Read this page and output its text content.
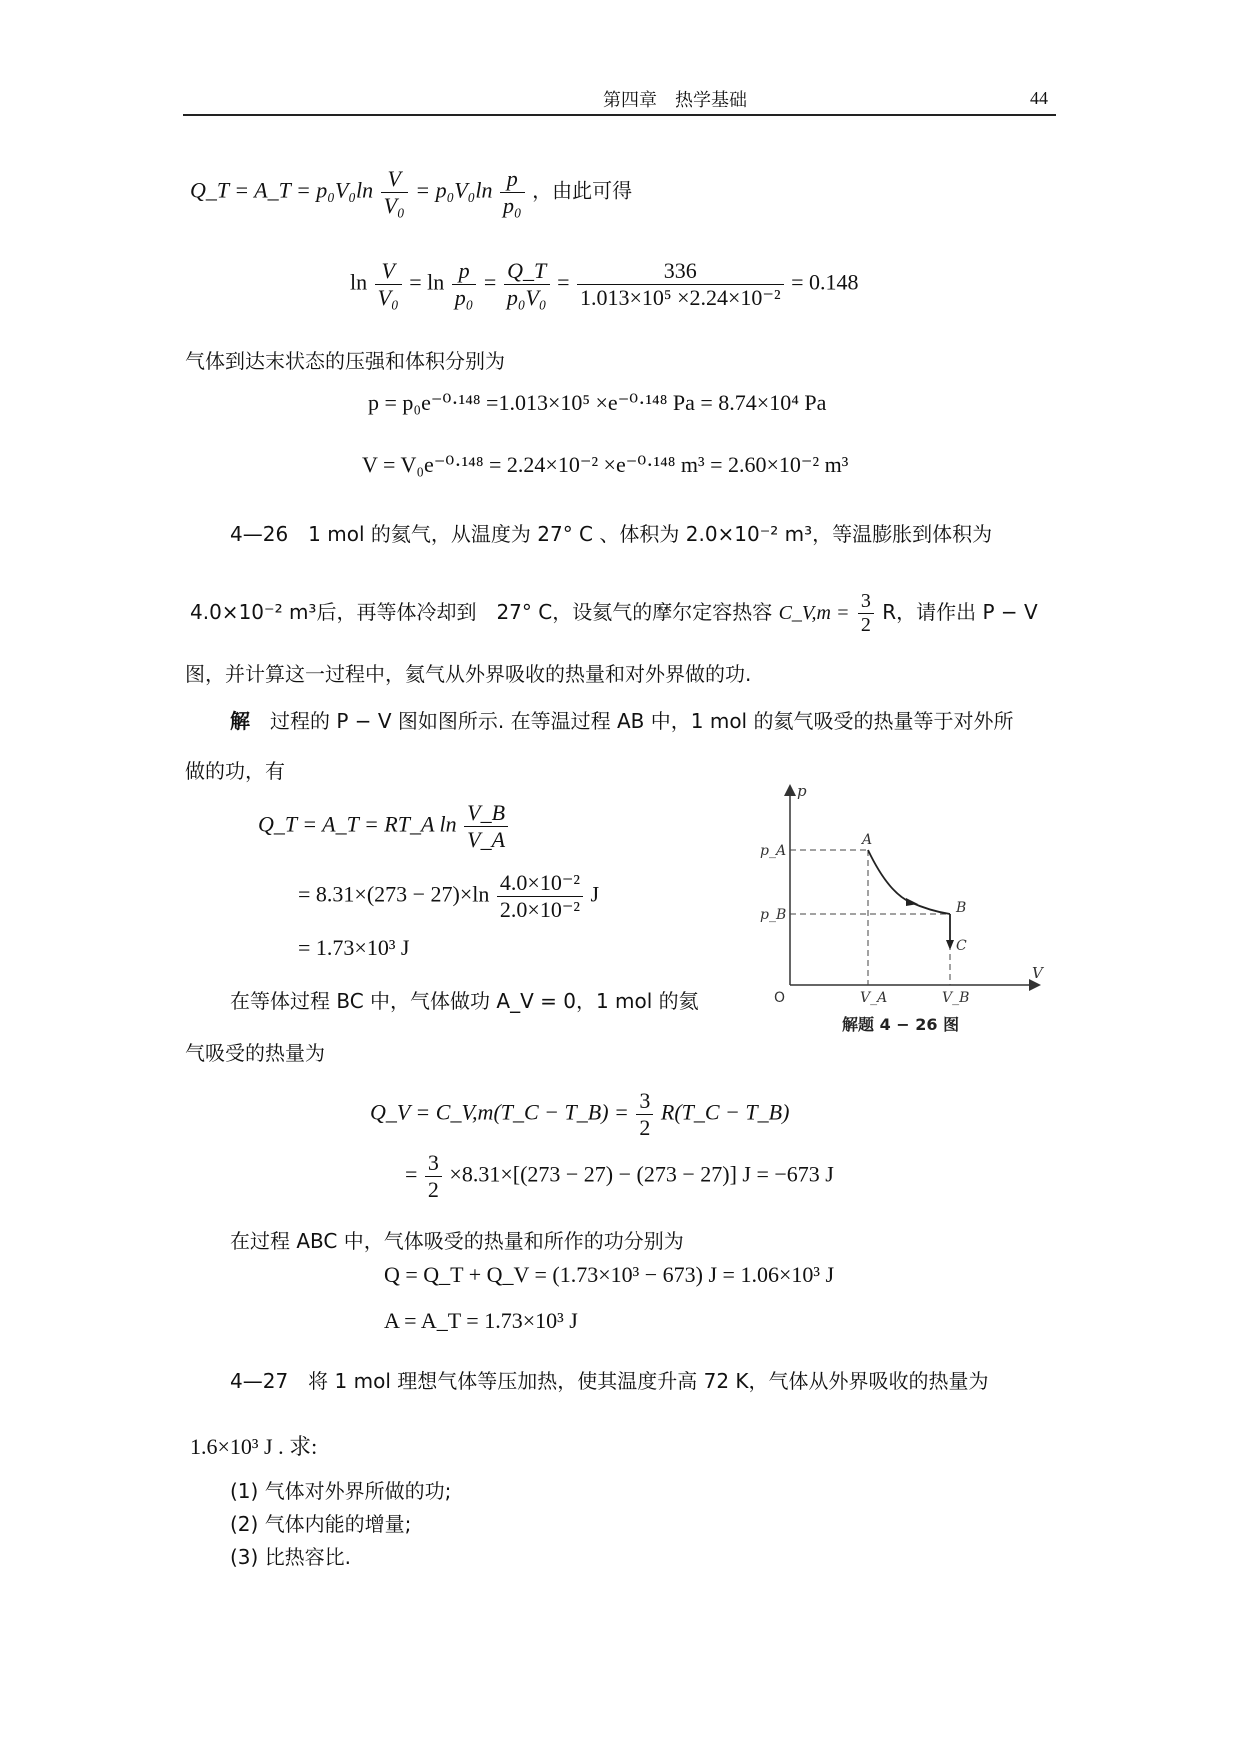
第四章　热学基础	44
Q_T = A_T = $p_0V_0\ln \frac{V}{\text{V₀}} = p_0V_0\ln \frac{p}{\text{p₀}}$ ，由此可得
$\ln \frac{V}{\text{V₀}} = \ln \frac{p}{\text{p₀}} = \frac{Q\_T}{\text{p₀V₀}} = \frac{336}{\text{1.013×10⁵ ×2.24×10⁻²}} = 0.148$
气体到达末状态的压强和体积分别为
p = p₀e⁻⁰·¹⁴⁸ =1.013×10⁵ ×e⁻⁰·¹⁴⁸ Pa = 8.74×10⁴ Pa
V = V₀e⁻⁰·¹⁴⁸ = 2.24×10⁻² ×e⁻⁰·¹⁴⁸ m³ = 2.60×10⁻² m³
4—26　1 mol 的氦气，从温度为 27° C 、体积为 2.0×10⁻² m³，等温膨胀到体积为
4.0×10⁻² m³后，再等体冷却到　27° C，设氦气的摩尔定容热容 C_V,m = $\frac{3}{2}$ R，请作出 P − V
图，并计算这一过程中，氦气从外界吸收的热量和对外界做的功.
解　 过程的 P − V 图如图所示. 在等温过程 AB 中，1 mol 的氦气吸受的热量等于对外所
做的功，有
Q_T = A_T = RT_A $\ln \frac{V\_B}{V\_A}$
= $8.31\times(273 - 27)\times\ln \frac{\text{4.0×10⁻²}}{\text{2.0×10⁻²}}$ J
= 1.73×10³ J
在等体过程 BC 中，气体做功 A_V = 0，1 mol 的氦
气吸受的热量为
Q_V = C_V,m(T_C − T_B) = $\frac{3}{2}$ R(T_C − T_B)
= $\frac{3}{2} \times 8.31\times[(273 - 27) - (273 - 27)] J = -673$ J
在过程 ABC 中，气体吸受的热量和所作的功分别为
Q = Q_T + Q_V = (1.73×10³ − 673) J = 1.06×10³ J
A = A_T = 1.73×10³ J
4—27　将 1 mol 理想气体等压加热，使其温度升高 72 K，气体从外界吸收的热量为
1.6×10³ J . 求:
(1) 气体对外界所做的功;
(2) 气体内能的增量;
(3) 比热容比.
p
V
O
p_A
p_B
V_A	V_B
A
B
C
解题 4 − 26 图
